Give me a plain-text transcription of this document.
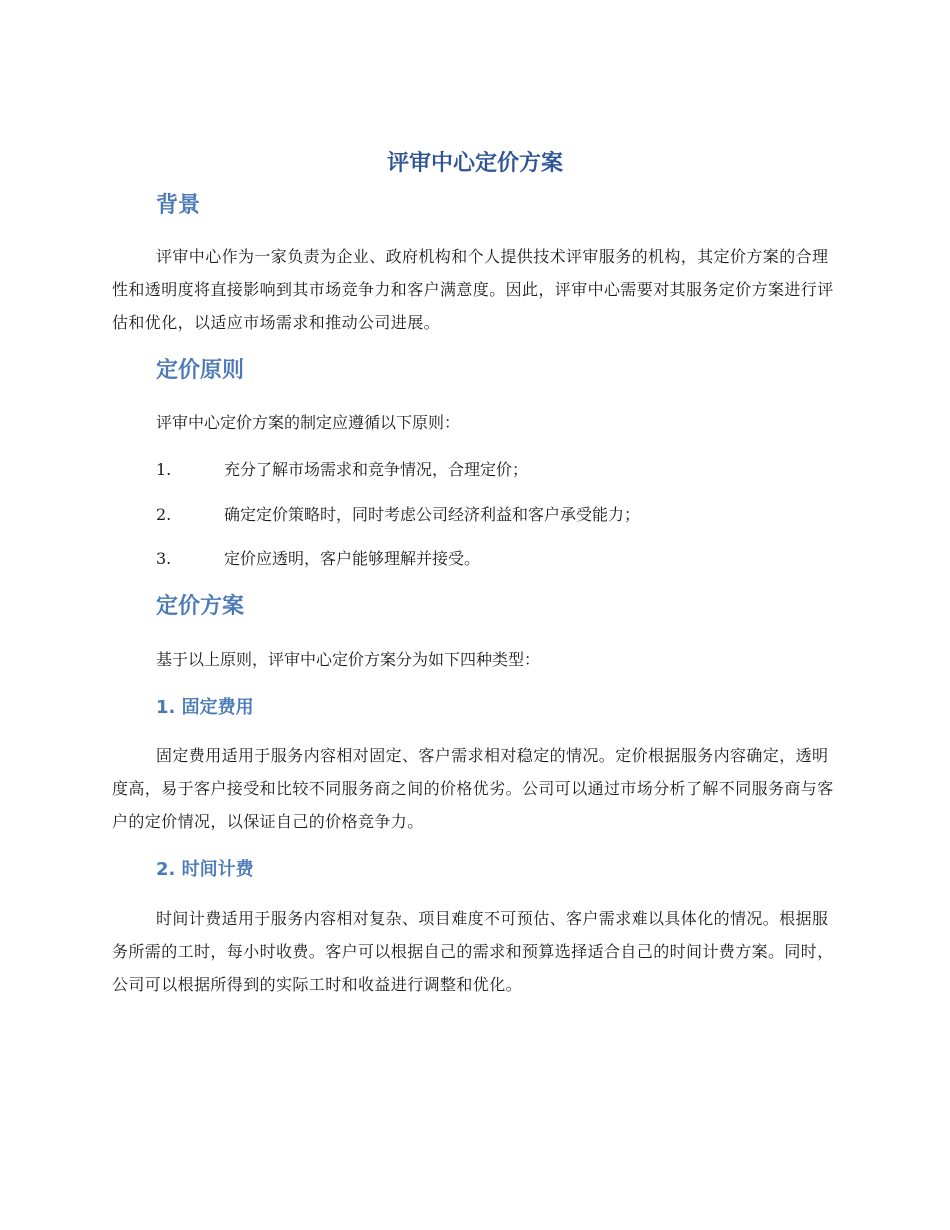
评审中心定价方案
背景

评审中心作为一家负责为企业、政府机构和个人提供技术评审服务的机构，其定价方案的合理性和透明度将直接影响到其市场竞争力和客户满意度。因此，评审中心需要对其服务定价方案进行评估和优化，以适应市场需求和推动公司进展。

定价原则

评审中心定价方案的制定应遵循以下原则：

1.	充分了解市场需求和竞争情况，合理定价；
2.	确定定价策略时，同时考虑公司经济利益和客户承受能力；
3.	定价应透明，客户能够理解并接受。
定价方案

基于以上原则，评审中心定价方案分为如下四种类型：

1. 固定费用

固定费用适用于服务内容相对固定、客户需求相对稳定的情况。定价根据服务内容确定，透明度高，易于客户接受和比较不同服务商之间的价格优劣。公司可以通过市场分析了解不同服务商与客户的定价情况，以保证自己的价格竞争力。

2. 时间计费

时间计费适用于服务内容相对复杂、项目难度不可预估、客户需求难以具体化的情况。根据服务所需的工时，每小时收费。客户可以根据自己的需求和预算选择适合自己的时间计费方案。同时，公司可以根据所得到的实际工时和收益进行调整和优化。
